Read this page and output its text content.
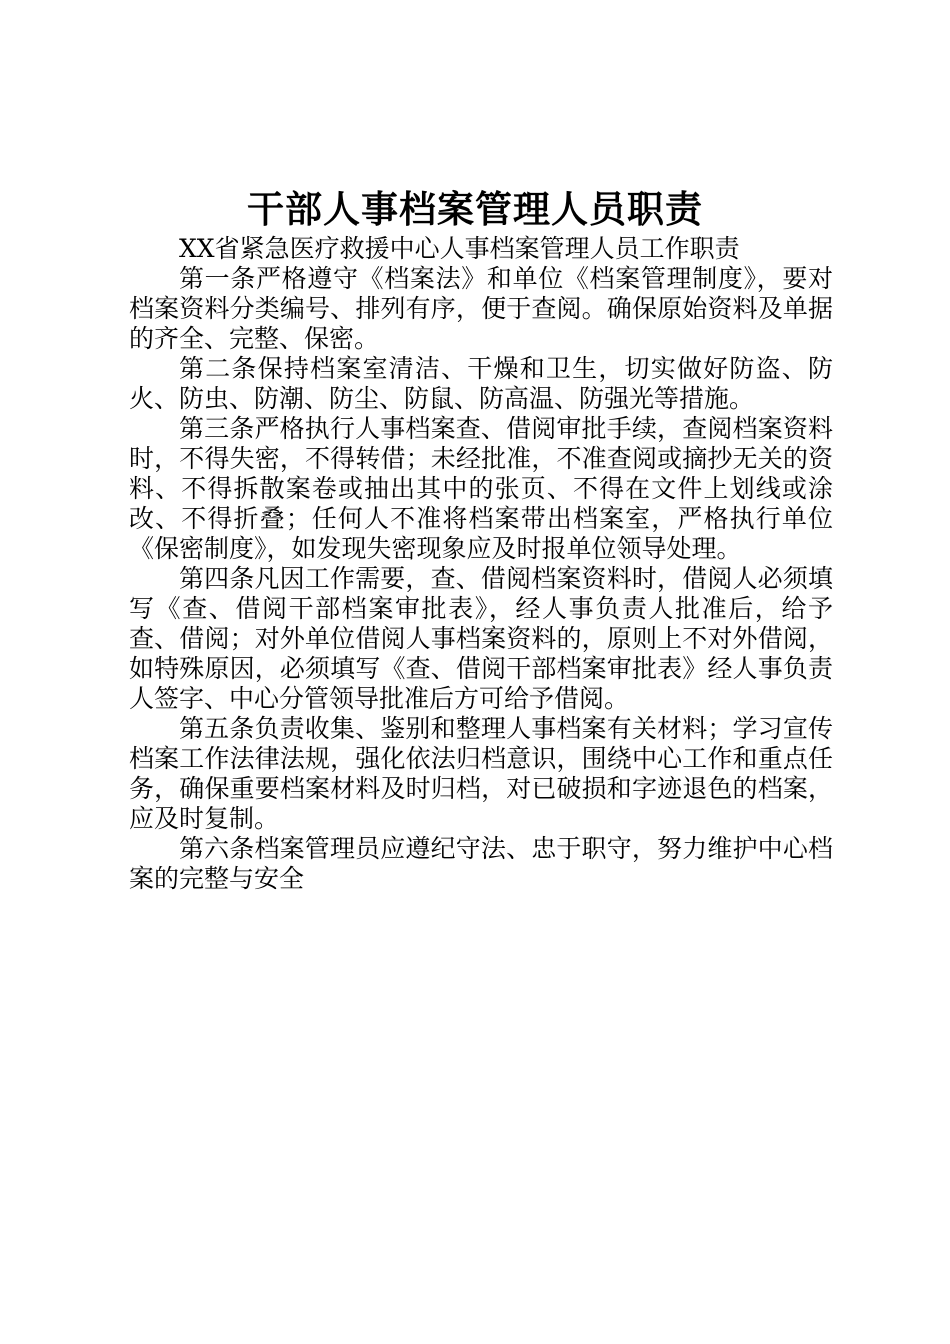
干部人事档案管理人员职责

XX省紧急医疗救援中心人事档案管理人员工作职责

第一条严格遵守《档案法》和单位《档案管理制度》，要对档案资料分类编号、排列有序，便于查阅。确保原始资料及单据的齐全、完整、保密。

第二条保持档案室清洁、干燥和卫生，切实做好防盗、防火、防虫、防潮、防尘、防鼠、防高温、防强光等措施。

第三条严格执行人事档案查、借阅审批手续，查阅档案资料时，不得失密，不得转借；未经批准，不准查阅或摘抄无关的资料、不得拆散案卷或抽出其中的张页、不得在文件上划线或涂改、不得折叠；任何人不准将档案带出档案室，严格执行单位《保密制度》，如发现失密现象应及时报单位领导处理。

第四条凡因工作需要，查、借阅档案资料时，借阅人必须填写《查、借阅干部档案审批表》，经人事负责人批准后，给予查、借阅；对外单位借阅人事档案资料的，原则上不对外借阅，如特殊原因，必须填写《查、借阅干部档案审批表》经人事负责人签字、中心分管领导批准后方可给予借阅。

第五条负责收集、鉴别和整理人事档案有关材料；学习宣传档案工作法律法规，强化依法归档意识，围绕中心工作和重点任务，确保重要档案材料及时归档，对已破损和字迹退色的档案，应及时复制。

第六条档案管理员应遵纪守法、忠于职守，努力维护中心档案的完整与安全
